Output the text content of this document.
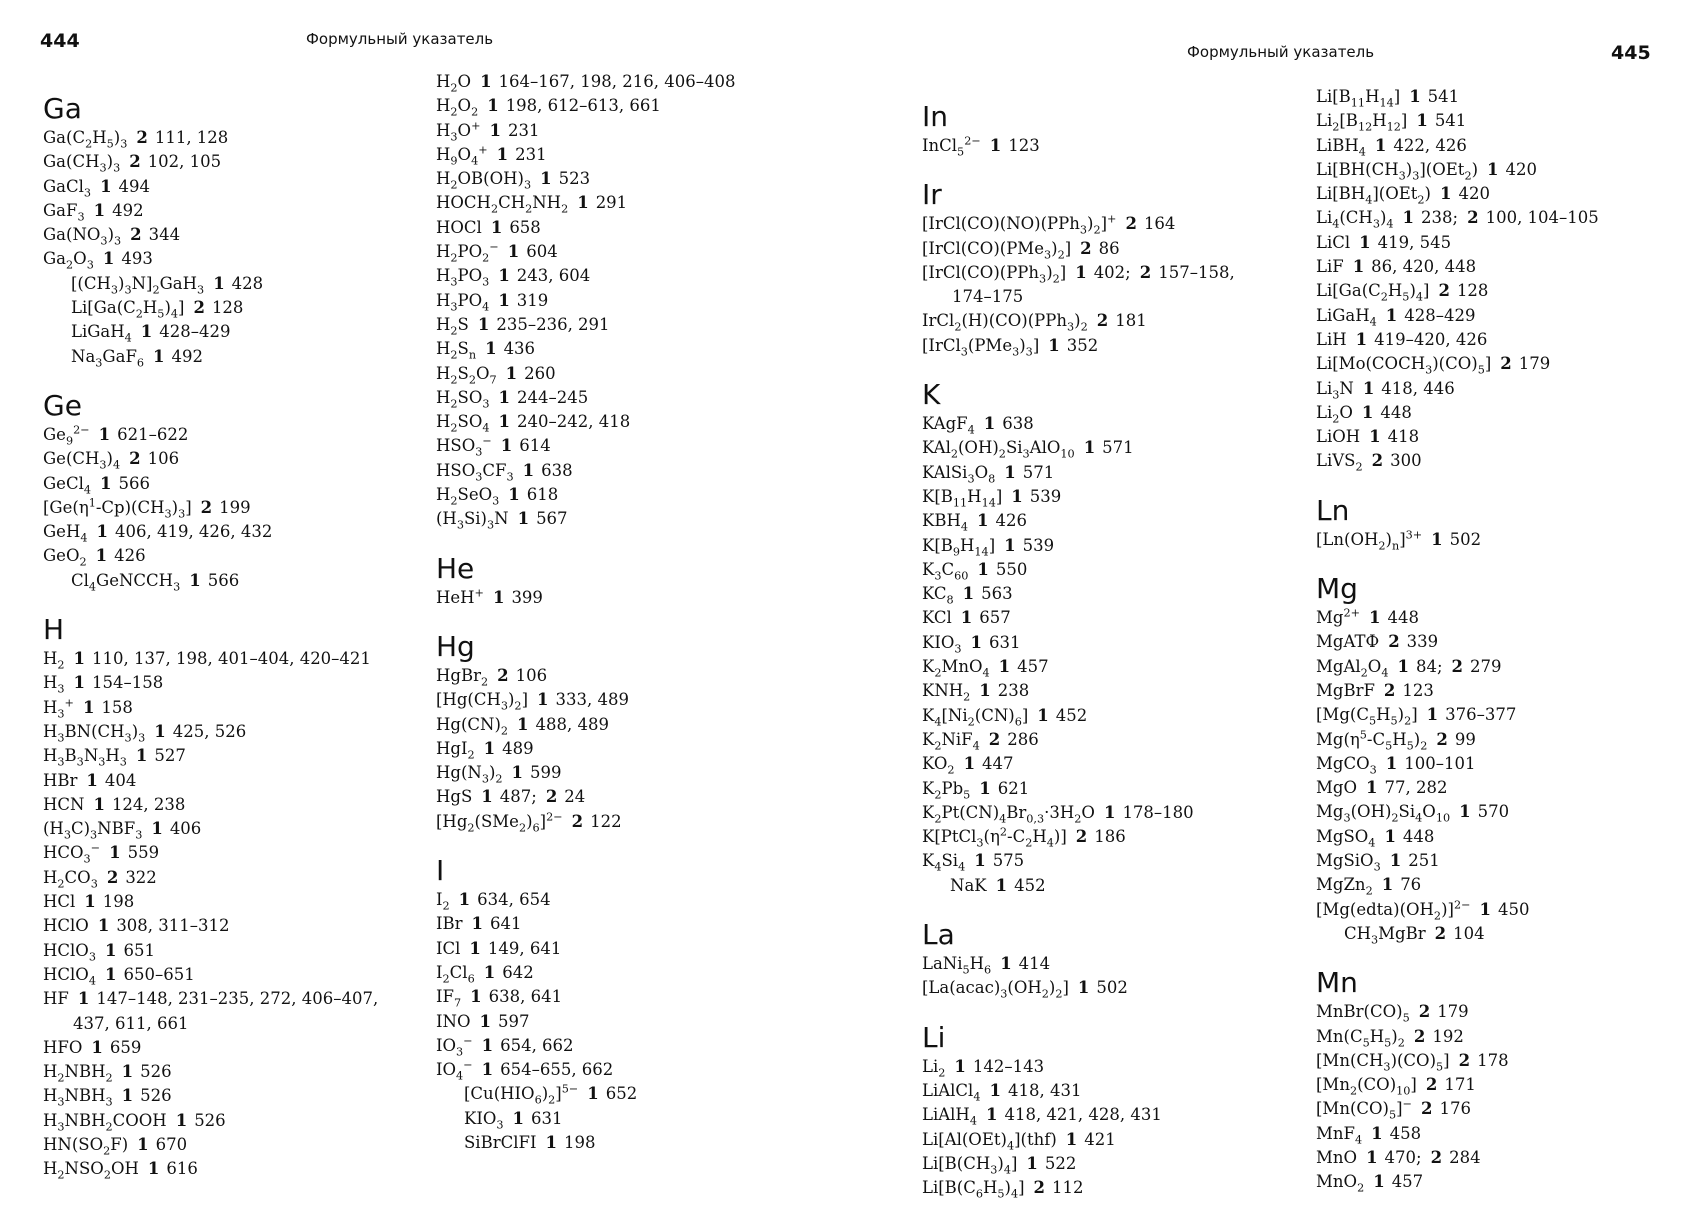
444	Формульный указатель
Ga
$Ga(C_2H_5)_3$ 2 111, 128
$Ga(CH_3)_3$ 2 102, 105
GaCl$_3$ 1 494
GaF$_3$ 1 492
$Ga(NO_3)_3$ 2 344
$Ga_2O_3$ 1 493
$[(CH_3)_3N]_2GaH_3$ 1 428
$Li[Ga(C_2H_5)_4]$ 2 128
LiGaH$_4$ 1 428–429
$Na_3GaF_6$ 1 492
Ge
$Ge_9^{2-}$ 1 621–622
$Ge(CH_3)_4$ 2 106
GeCl$_4$ 1 566
$[Ge(\eta^1-Cp)(CH_3)_3]$ 2 199
GeH$_4$ 1 406, 419, 426, 432
GeO$_2$ 1 426
$Cl_4GeNCCH_3$ 1 566
H
$H_2$ 1 110, 137, 198, 401–404, 420–421
$H_3$ 1 154–158
$H_3^+$ 1 158
$H_3BN(CH_3)_3$ 1 425, 526
$H_3B_3N_3H_3$ 1 527
HBr 1 404
HCN 1 124, 238
$(H_3C)_3NBF_3$ 1 406
$HCO_3^-$ 1 559
$H_2CO_3$ 2 322
HCl 1 198
HClO 1 308, 311–312
HClO$_3$ 1 651
HClO$_4$ 1 650–651
HF 1 147–148, 231–235, 272, 406–407,
437, 611, 661
HFO 1 659
$H_2NBH_2$ 1 526
$H_3NBH_3$ 1 526
$H_3NBH_2COOH$ 1 526
$HN(SO_2F)$ 1 670
$H_2NSO_2OH$ 1 616
$H_2O$ 1 164–167, 198, 216, 406–408
$H_2O_2$ 1 198, 612–613, 661
$H_3O^+$ 1 231
$H_9O_4^+$ 1 231
$H_2OB(OH)_3$ 1 523
$HOCH_2CH_2NH_2$ 1 291
HOCl 1 658
$H_2PO_2^-$ 1 604
$H_3PO_3$ 1 243, 604
$H_3PO_4$ 1 319
$H_2S$ 1 235–236, 291
$H_2S_n$ 1 436
$H_2S_2O_7$ 1 260
$H_2SO_3$ 1 244–245
$H_2SO_4$ 1 240–242, 418
$HSO_3^-$ 1 614
$HSO_3CF_3$ 1 638
$H_2SeO_3$ 1 618
$(H_3Si)_3N$ 1 567
He
HeH+ 1 399
Hg
HgBr$_2$ 2 106
$[Hg(CH_3)_2]$ 1 333, 489
$Hg(CN)_2$ 1 488, 489
HgI$_2$ 1 489
$Hg(N_3)_2$ 1 599
HgS 1 487; 2 24
$[Hg_2(SMe_2)_6]^{2-}$ 2 122
I
$I_2$ 1 634, 654
IBr 1 641
ICl 1 149, 641
$I_2Cl_6$ 1 642
$IF_7$ 1 638, 641
INO 1 597
$IO_3^-$ 1 654, 662
$IO_4^-$ 1 654–655, 662
$[Cu(HIO_6)_2]^{5-}$ 1 652
$KIO_3$ 1 631
SiBrClFI 1 198
445
Формульный указатель
In
InCl$_5^{2-}$ 1 123
Ir
$[IrCl(CO)(NO)(PPh_3)_2]^+$ 2 164
$[IrCl(CO)(PMe_3)_2]$ 2 86
$[IrCl(CO)(PPh_3)_2]$ 1 402; 2 157–158,
174–175
$IrCl_2(H)(CO)(PPh_3)_2$ 2 181
$[IrCl_3(PMe_3)_3]$ 1 352
K
KAgF$_4$ 1 638
$KAl_2(OH)_2Si_3AlO_{10}$ 1 571
$KAlSi_3O_8$ 1 571
$K[B_{11}H_{14}]$ 1 539
$KBH_4$ 1 426
$K[B_9H_{14}]$ 1 539
$K_3C_{60}$ 1 550
$KC_8$ 1 563
KCl 1 657
$KIO_3$ 1 631
$K_2MnO_4$ 1 457
$KNH_2$ 1 238
$K_4[Ni_2(CN)_6]$ 1 452
$K_2NiF_4$ 2 286
$KO_2$ 1 447
$K_2Pb_5$ 1 621
$K_2Pt(CN)_4Br_{0,3}\cdot 3H_2O$ 1 178–180
$K[PtCl_3(\eta^2-C_2H_4)]$ 2 186
$K_4Si_4$ 1 575
NaK 1 452
La
$LaNi_5H_6$ 1 414
$[La(acac)_3(OH_2)_2]$ 1 502
Li
$Li_2$ 1 142–143
LiAlCl$_4$ 1 418, 431
LiAlH$_4$ 1 418, 421, 428, 431
$Li[Al(OEt)_4](thf)$ 1 421
$Li[B(CH_3)_4]$ 1 522
$Li[B(C_6H_5)_4]$ 2 112
$Li[B_{11}H_{14}]$ 1 541
$Li_2[B_{12}H_{12}]$ 1 541
LiBH$_4$ 1 422, 426
$Li[BH(CH_3)_3](OEt_2)$ 1 420
$Li[BH_4](OEt_2)$ 1 420
$Li_4(CH_3)_4$ 1 238; 2 100, 104–105
LiCl 1 419, 545
LiF 1 86, 420, 448
$Li[Ga(C_2H_5)_4]$ 2 128
LiGaH$_4$ 1 428–429
LiH 1 419–420, 426
$Li[Mo(COCH_3)(CO)_5]$ 2 179
$Li_3N$ 1 418, 446
$Li_2O$ 1 448
LiOH 1 418
LiVS$_2$ 2 300
Ln
$[Ln(OH_2)_n]^{3+}$ 1 502
Mg
$Mg^{2+}$ 1 448
MgATФ 2 339
$MgAl_2O_4$ 1 84; 2 279
MgBrF 2 123
$[Mg(C_5H_5)_2]$ 1 376–377
$Mg(\eta^5-C_5H_5)_2$ 2 99
MgCO$_3$ 1 100–101
MgO 1 77, 282
$Mg_3(OH)_2Si_4O_{10}$ 1 570
MgSO$_4$ 1 448
MgSiO$_3$ 1 251
MgZn$_2$ 1 76
$[Mg(edta)(OH_2)]^{2-}$ 1 450
$CH_3MgBr$ 2 104
Mn
$MnBr(CO)_5$ 2 179
$Mn(C_5H_5)_2$ 2 192
$[Mn(CH_3)(CO)_5]$ 2 178
$[Mn_2(CO)_{10}]$ 2 171
$[Mn(CO)_5]^-$ 2 176
MnF$_4$ 1 458
MnO 1 470; 2 284
MnO$_2$ 1 457
